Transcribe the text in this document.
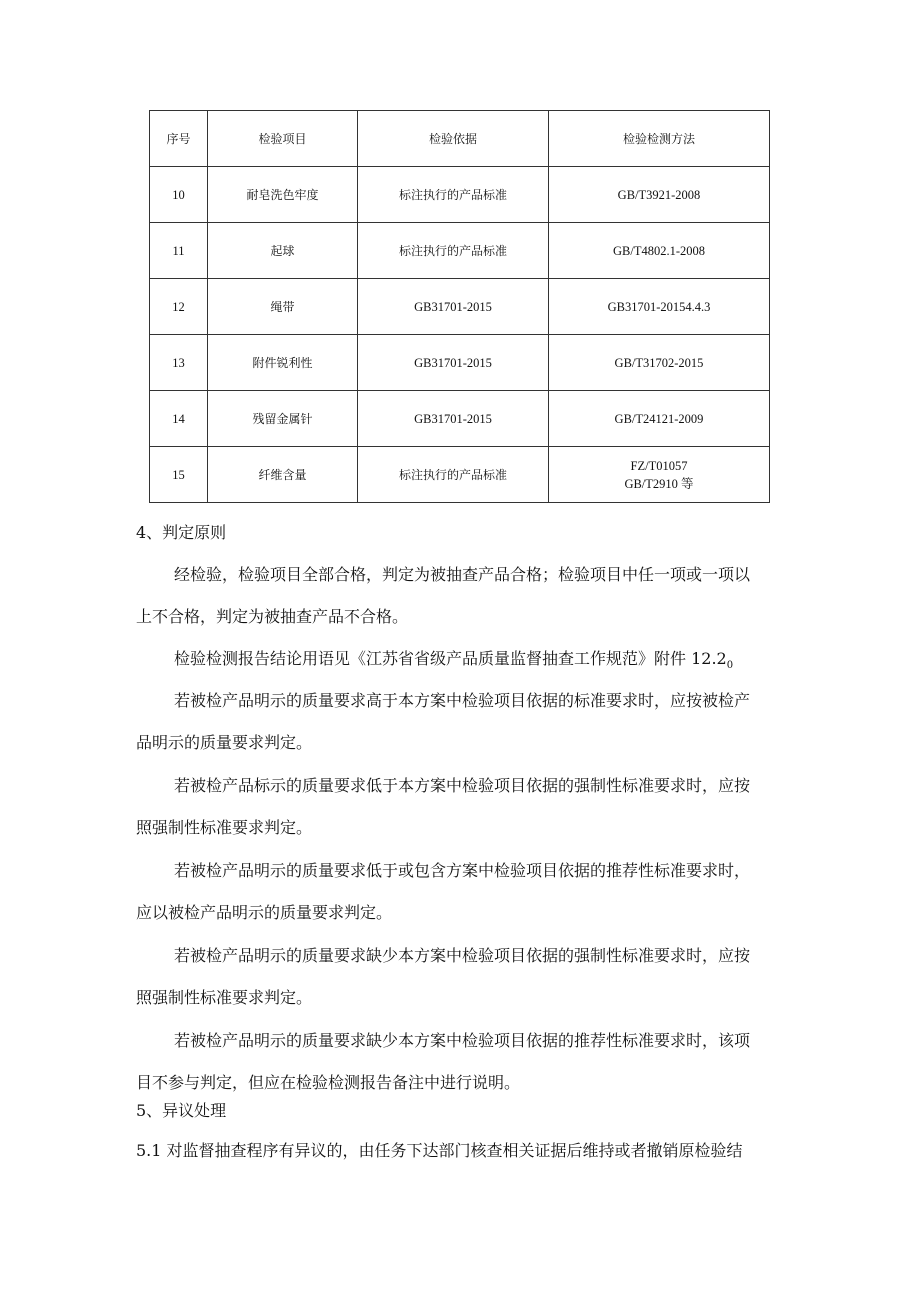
序号	检验项目	检验依据	检验检测方法
10	耐皂洗色牢度	标注执行的产品标准	GB/T3921-2008
11	起球	标注执行的产品标准	GB/T4802.1-2008
12	绳带	GB31701-2015	GB31701-20154.4.3
13	附件锐利性	GB31701-2015	GB/T31702-2015
14	残留金属针	GB31701-2015	GB/T24121-2009
15	纤维含量	标注执行的产品标准	FZ/T01057
GB/T2910 等
4、判定原则
经检验，检验项目全部合格，判定为被抽查产品合格；检验项目中任一项或一项以
上不合格，判定为被抽查产品不合格。
检验检测报告结论用语见《江苏省省级产品质量监督抽查工作规范》附件 $12.2_0$
若被检产品明示的质量要求高于本方案中检验项目依据的标准要求时，应按被检产
品明示的质量要求判定。
若被检产品标示的质量要求低于本方案中检验项目依据的强制性标准要求时，应按
照强制性标准要求判定。
若被检产品明示的质量要求低于或包含方案中检验项目依据的推荐性标准要求时，
应以被检产品明示的质量要求判定。
若被检产品明示的质量要求缺少本方案中检验项目依据的强制性标准要求时，应按
照强制性标准要求判定。
若被检产品明示的质量要求缺少本方案中检验项目依据的推荐性标准要求时，该项
目不参与判定，但应在检验检测报告备注中进行说明。
5、异议处理
5.1 对监督抽查程序有异议的，由任务下达部门核查相关证据后维持或者撤销原检验结
